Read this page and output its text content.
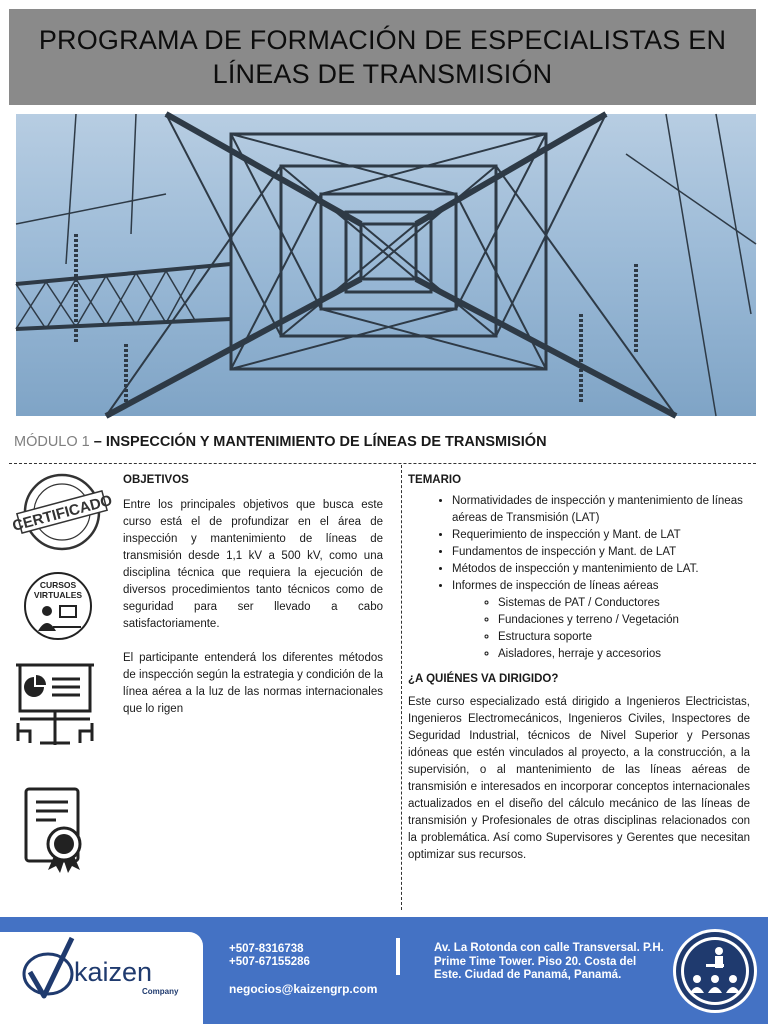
PROGRAMA DE FORMACIÓN DE ESPECIALISTAS EN
LÍNEAS DE TRANSMISIÓN
MÓDULO 1 – INSPECCIÓN Y MANTENIMIENTO DE LÍNEAS DE TRANSMISIÓN
CERTIFICADO
CURSOS
VIRTUALES

OBJETIVOS

Entre los principales objetivos que busca este curso está el de profundizar en el área de inspección y mantenimiento de líneas de transmisión desde 1,1 kV a 500 kV, como una disciplina técnica que requiera la ejecución de diversos procedimientos tanto técnicos como de seguridad para ser llevado a cabo satisfactoriamente.

El participante entenderá los diferentes métodos de inspección según la estrategia y condición de la línea aérea a la luz de las normas internacionales que lo rigen

TEMARIO

• Normatividades de inspección y mantenimiento de líneas aéreas de Transmisión (LAT)
• Requerimiento de inspección y Mant. de LAT
• Fundamentos de inspección y Mant. de LAT
• Métodos de inspección y mantenimiento de LAT.
• Informes de inspección de líneas aéreas
◦ Sistemas de PAT / Conductores
◦ Fundaciones y terreno / Vegetación
◦ Estructura soporte
◦ Aisladores, herraje y accesorios

¿A QUIÉNES VA DIRIGIDO?

Este curso especializado está dirigido a Ingenieros Electricistas, Ingenieros Electromecánicos, Ingenieros Civiles, Inspectores de Seguridad Industrial, técnicos de Nivel Superior y Personas idóneas que estén vinculados al proyecto, a la construcción, a la supervisión, o al mantenimiento de las líneas aéreas de transmisión e interesados en incorporar conceptos internacionales actualizados en el diseño del cálculo mecánico de las líneas de transmisión y Profesionales de otras disciplinas relacionados con la problemática. Así como Supervisores y Gerentes que necesitan optimizar sus recursos.

kaizen
Company
+507-8316738
+507-67155286
negocios@kaizengrp.com
Av. La Rotonda con calle Transversal. P.H. Prime Time Tower. Piso 20. Costa del Este. Ciudad de Panamá, Panamá.
